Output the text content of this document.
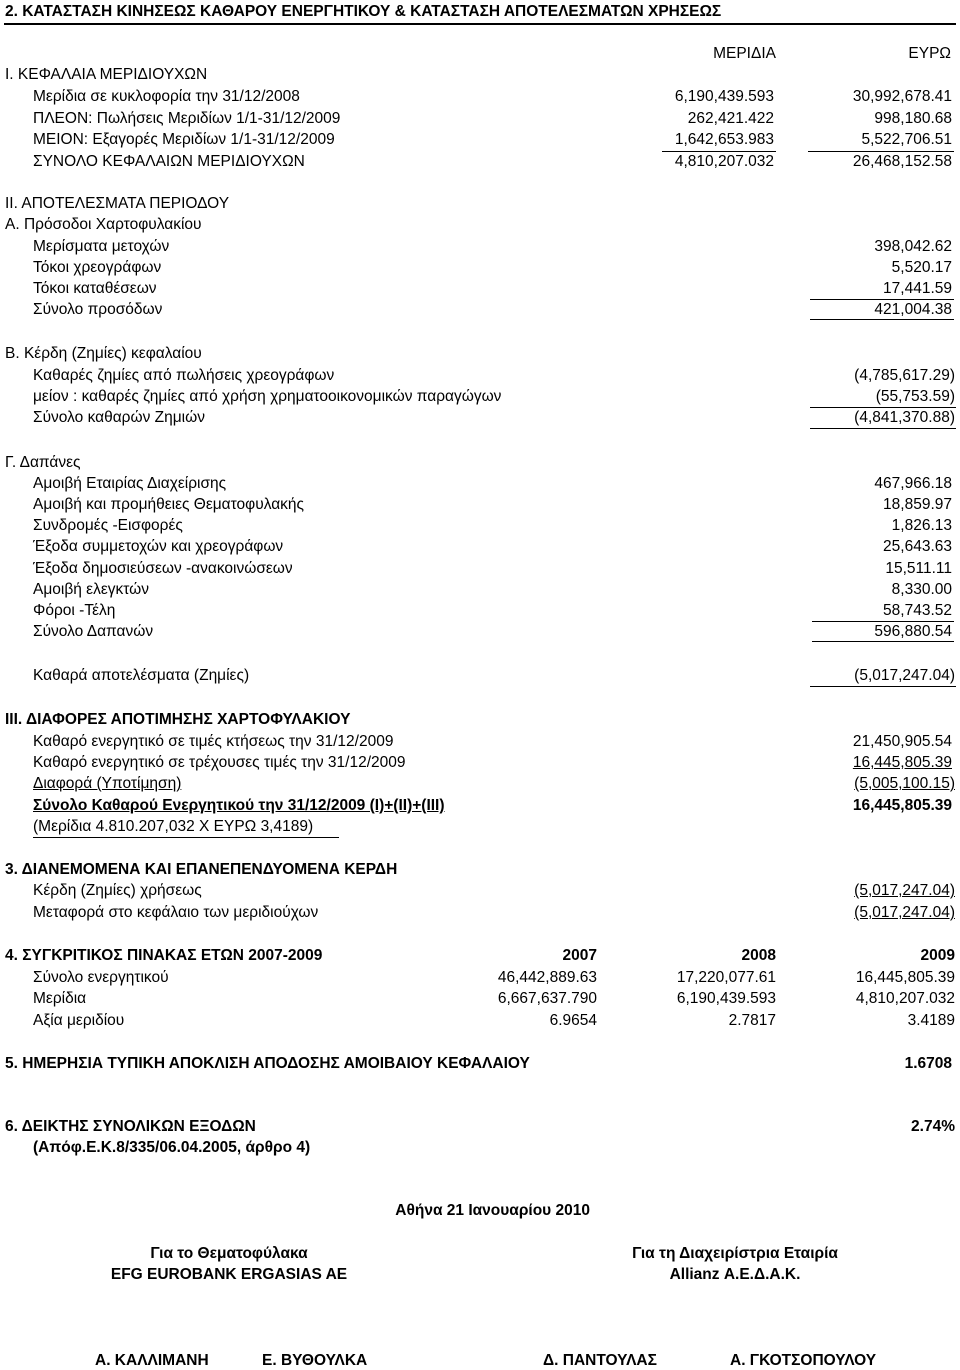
2. ΚΑΤΑΣΤΑΣΗ ΚΙΝΗΣΕΩΣ ΚΑΘΑΡΟΥ ΕΝΕΡΓΗΤΙΚΟΥ & ΚΑΤΑΣΤΑΣΗ ΑΠΟΤΕΛΕΣΜΑΤΩΝ ΧΡΗΣΕΩΣ
ΜΕΡΙΔΙΑ	ΕΥΡΩ
Ι. ΚΕΦΑΛΑΙΑ ΜΕΡΙΔΙΟΥΧΩΝ
Μερίδια σε κυκλοφορία την 31/12/2008	6,190,439.593	30,992,678.41
ΠΛΕΟΝ: Πωλήσεις Μεριδίων 1/1-31/12/2009	262,421.422	998,180.68
ΜΕΙΟΝ: Εξαγορές Μεριδίων 1/1-31/12/2009	1,642,653.983	5,522,706.51
ΣΥΝΟΛΟ ΚΕΦΑΛΑΙΩΝ ΜΕΡΙΔΙΟΥΧΩΝ	4,810,207.032	26,468,152.58
ΙΙ. ΑΠΟΤΕΛΕΣΜΑΤΑ ΠΕΡΙΟΔΟΥ
Α. Πρόσοδοι Χαρτοφυλακίου
Μερίσματα μετοχών	398,042.62
Τόκοι χρεογράφων	5,520.17
Τόκοι καταθέσεων	17,441.59
Σύνολο προσόδων	421,004.38
Β. Κέρδη (Ζημίες) κεφαλαίου
Καθαρές ζημίες από πωλήσεις χρεογράφων	(4,785,617.29)
μείον : καθαρές ζημίες από χρήση χρηματοοικονομικών παραγώγων	(55,753.59)
Σύνολο καθαρών Ζημιών	(4,841,370.88)
Γ. Δαπάνες
Αμοιβή Εταιρίας Διαχείρισης	467,966.18
Αμοιβή και προμήθειες Θεματοφυλακής	18,859.97
Συνδρομές -Εισφορές	1,826.13
Έξοδα συμμετοχών και χρεογράφων	25,643.63
Έξοδα δημοσιεύσεων -ανακοινώσεων	15,511.11
Αμοιβή ελεγκτών	8,330.00
Φόροι -Τέλη	58,743.52
Σύνολο Δαπανών	596,880.54
Καθαρά αποτελέσματα (Ζημίες)	(5,017,247.04)
ΙΙΙ. ΔΙΑΦΟΡΕΣ ΑΠΟΤΙΜΗΣΗΣ ΧΑΡΤΟΦΥΛΑΚΙΟΥ
Καθαρό ενεργητικό σε τιμές κτήσεως την 31/12/2009	21,450,905.54
Καθαρό ενεργητικό σε τρέχουσες τιμές την 31/12/2009	16,445,805.39
Διαφορά (Υποτίμηση)	(5,005,100.15)
Σύνολο Καθαρού Ενεργητικού την 31/12/2009 (I)+(II)+(III)	16,445,805.39
(Μερίδια 4.810.207,032 Χ ΕΥΡΩ 3,4189)
3. ΔΙΑΝΕΜΟΜΕΝΑ ΚΑΙ ΕΠΑΝΕΠΕΝΔΥΟΜΕΝΑ ΚΕΡΔΗ
Κέρδη (Ζημίες) χρήσεως	(5,017,247.04)
Μεταφορά στο κεφάλαιο των μεριδιούχων	(5,017,247.04)
4. ΣΥΓΚΡΙΤΙΚΟΣ ΠΙΝΑΚΑΣ ΕΤΩΝ 2007-2009	2007	2008	2009
Σύνολο ενεργητικού	46,442,889.63	17,220,077.61	16,445,805.39
Μερίδια	6,667,637.790	6,190,439.593	4,810,207.032
Αξία μεριδίου	6.9654	2.7817	3.4189
5. ΗΜΕΡΗΣΙΑ ΤΥΠΙΚΗ ΑΠΟΚΛΙΣΗ ΑΠΟΔΟΣΗΣ ΑΜΟΙΒΑΙΟΥ ΚΕΦΑΛΑΙΟΥ	1.6708
6. ΔΕΙΚΤΗΣ ΣΥΝΟΛΙΚΩΝ ΕΞΟΔΩΝ	2.74%
(Απόφ.Ε.Κ.8/335/06.04.2005, άρθρο 4)
Αθήνα 21 Ιανουαρίου 2010
Για το Θεματοφύλακα
EFG EUROBANK ERGASIAS AE
Για τη Διαχειρίστρια Εταιρία
Allianz Α.Ε.Δ.Α.Κ.
Α. ΚΑΛΛΙΜΑΝΗ	Ε. ΒΥΘΟΥΛΚΑ	Δ. ΠΑΝΤΟΥΛΑΣ	Α. ΓΚΟΤΣΟΠΟΥΛΟΥ
